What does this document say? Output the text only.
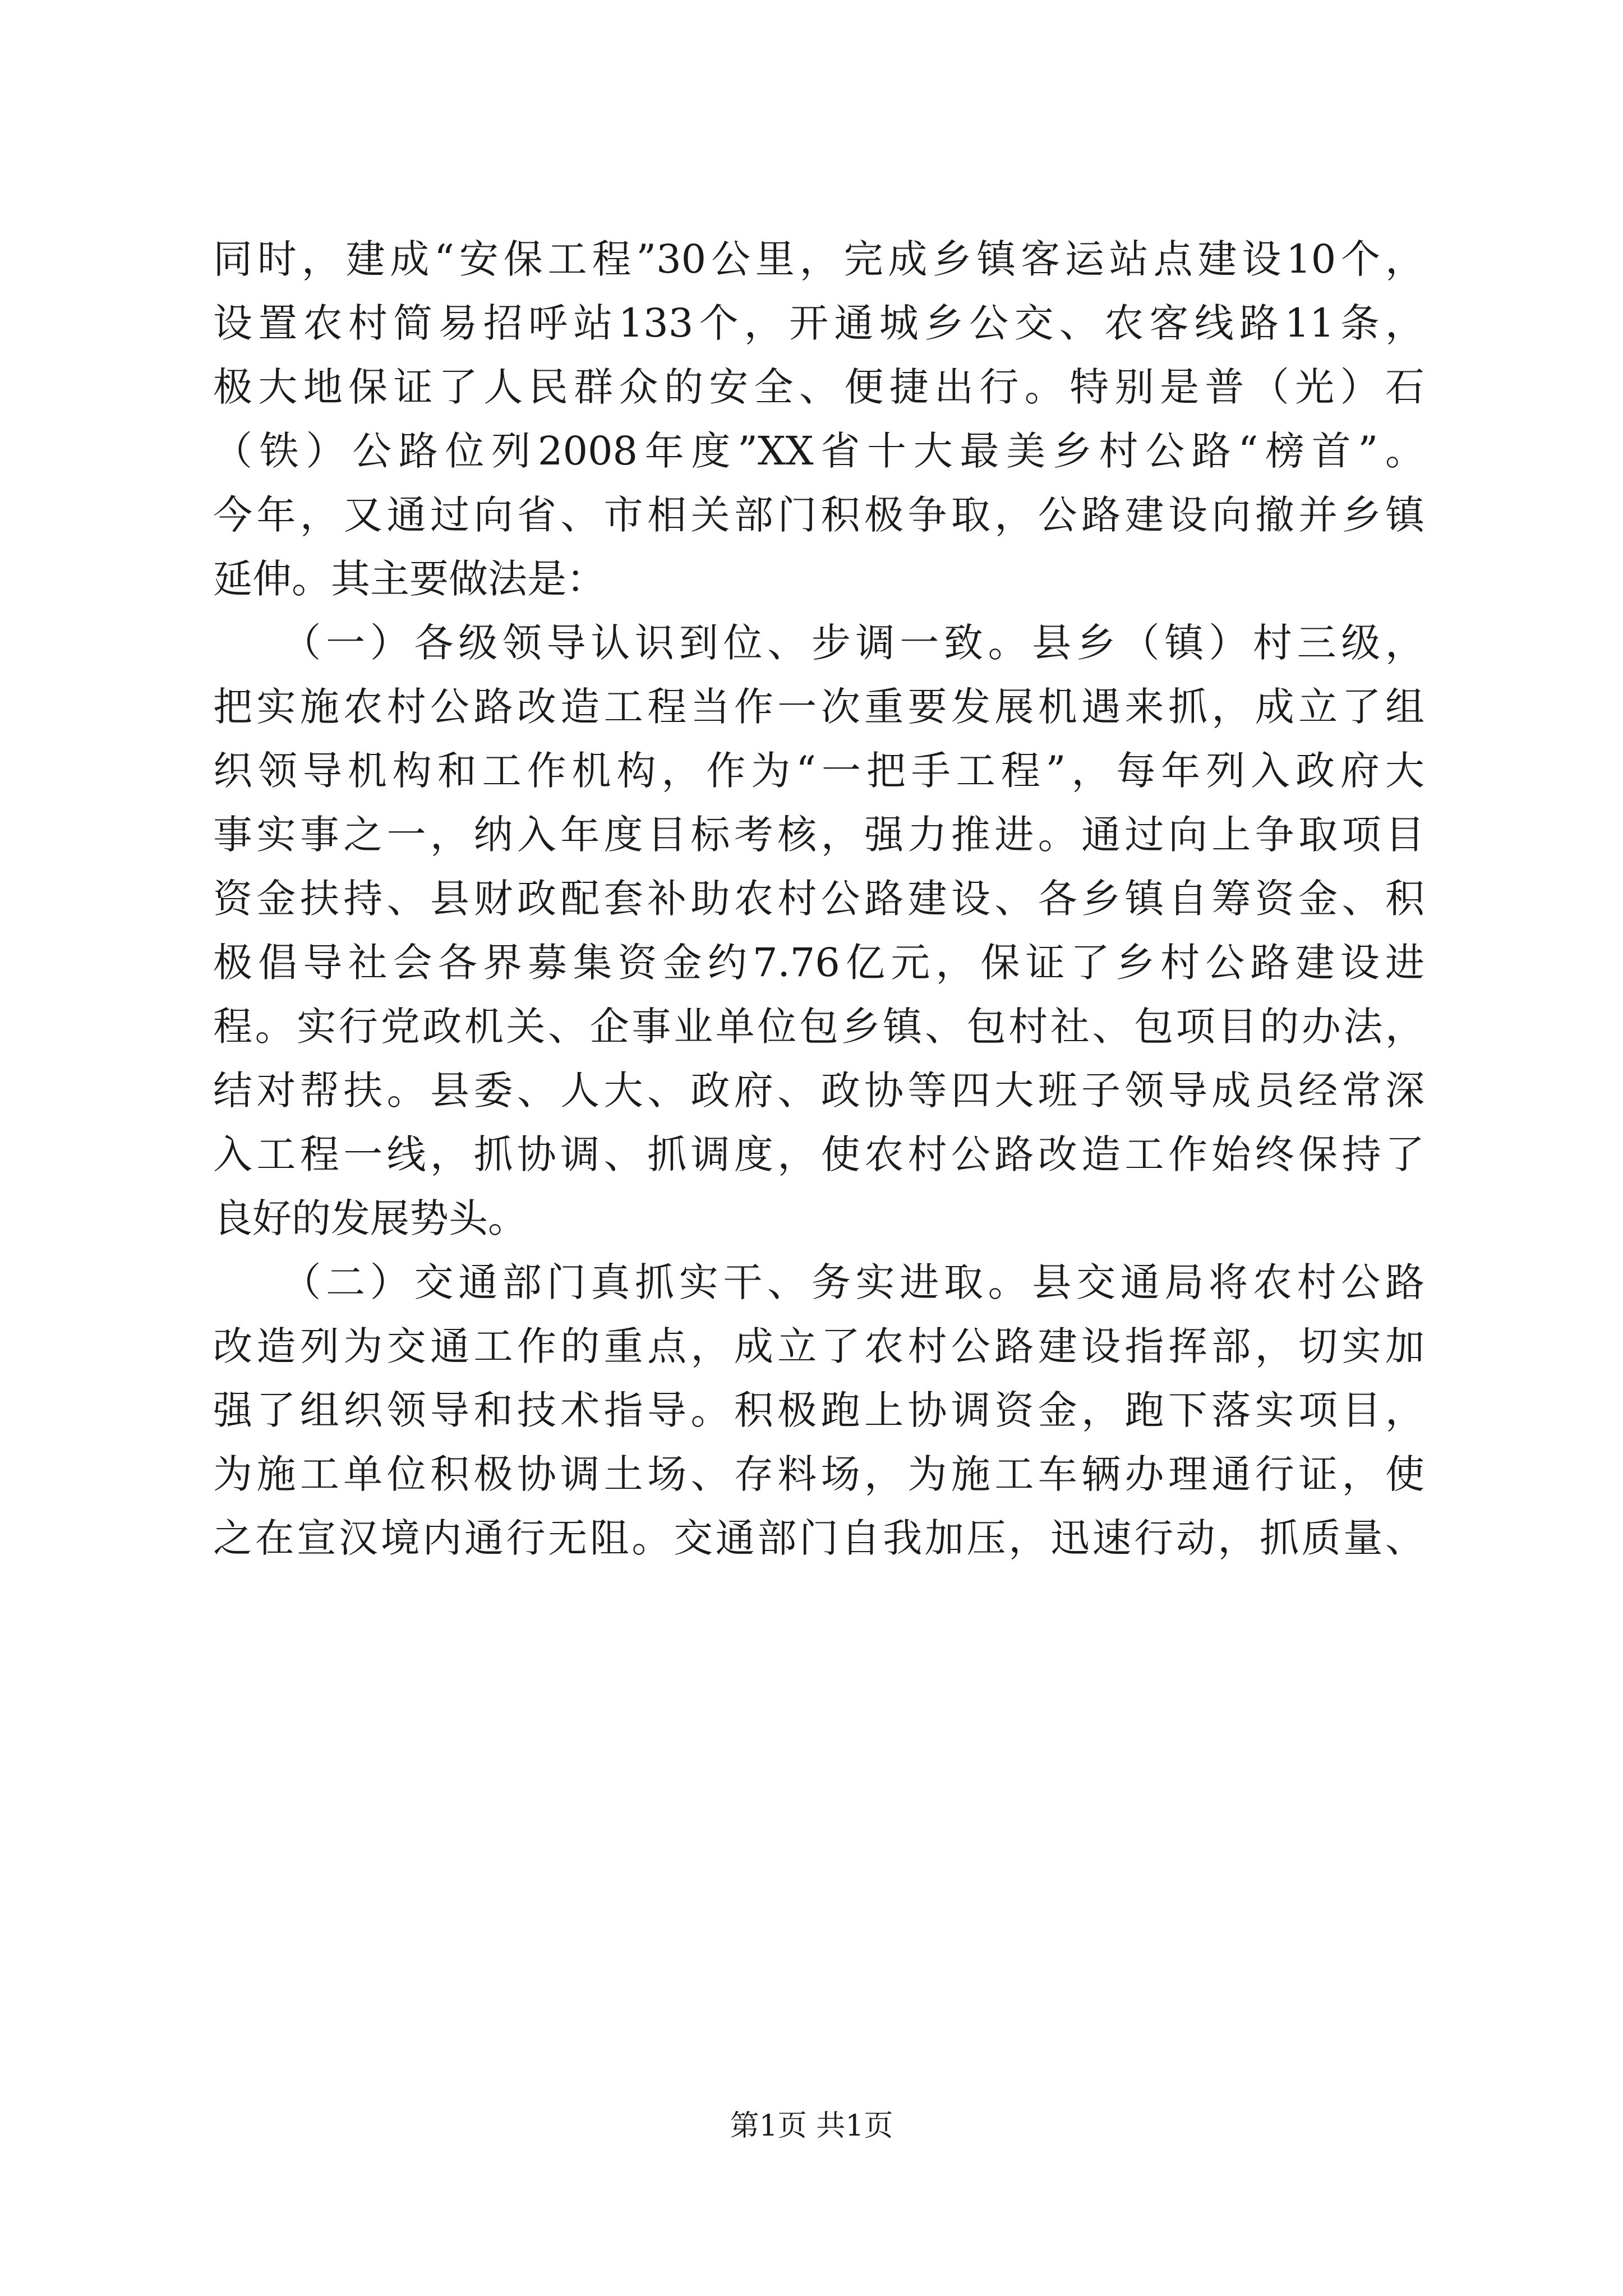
同时，建成“安保工程”30公里，完成乡镇客运站点建设10个，
设置农村简易招呼站133个，开通城乡公交、农客线路11条，
极大地保证了人民群众的安全、便捷出行。特别是普（光）石
（铁）公路位列2008年度”XX省十大最美乡村公路“榜首”。
今年，又通过向省、市相关部门积极争取，公路建设向撤并乡镇
延伸。其主要做法是：
　　（一）各级领导认识到位、步调一致。县乡（镇）村三级，
把实施农村公路改造工程当作一次重要发展机遇来抓，成立了组
织领导机构和工作机构，作为“一把手工程”，每年列入政府大
事实事之一，纳入年度目标考核，强力推进。通过向上争取项目
资金扶持、县财政配套补助农村公路建设、各乡镇自筹资金、积
极倡导社会各界募集资金约7.76亿元，保证了乡村公路建设进
程。实行党政机关、企事业单位包乡镇、包村社、包项目的办法，
结对帮扶。县委、人大、政府、政协等四大班子领导成员经常深
入工程一线，抓协调、抓调度，使农村公路改造工作始终保持了
良好的发展势头。
　　（二）交通部门真抓实干、务实进取。县交通局将农村公路
改造列为交通工作的重点，成立了农村公路建设指挥部，切实加
强了组织领导和技术指导。积极跑上协调资金，跑下落实项目，
为施工单位积极协调土场、存料场，为施工车辆办理通行证，使
之在宣汉境内通行无阻。交通部门自我加压，迅速行动，抓质量、
第1页 共1页
